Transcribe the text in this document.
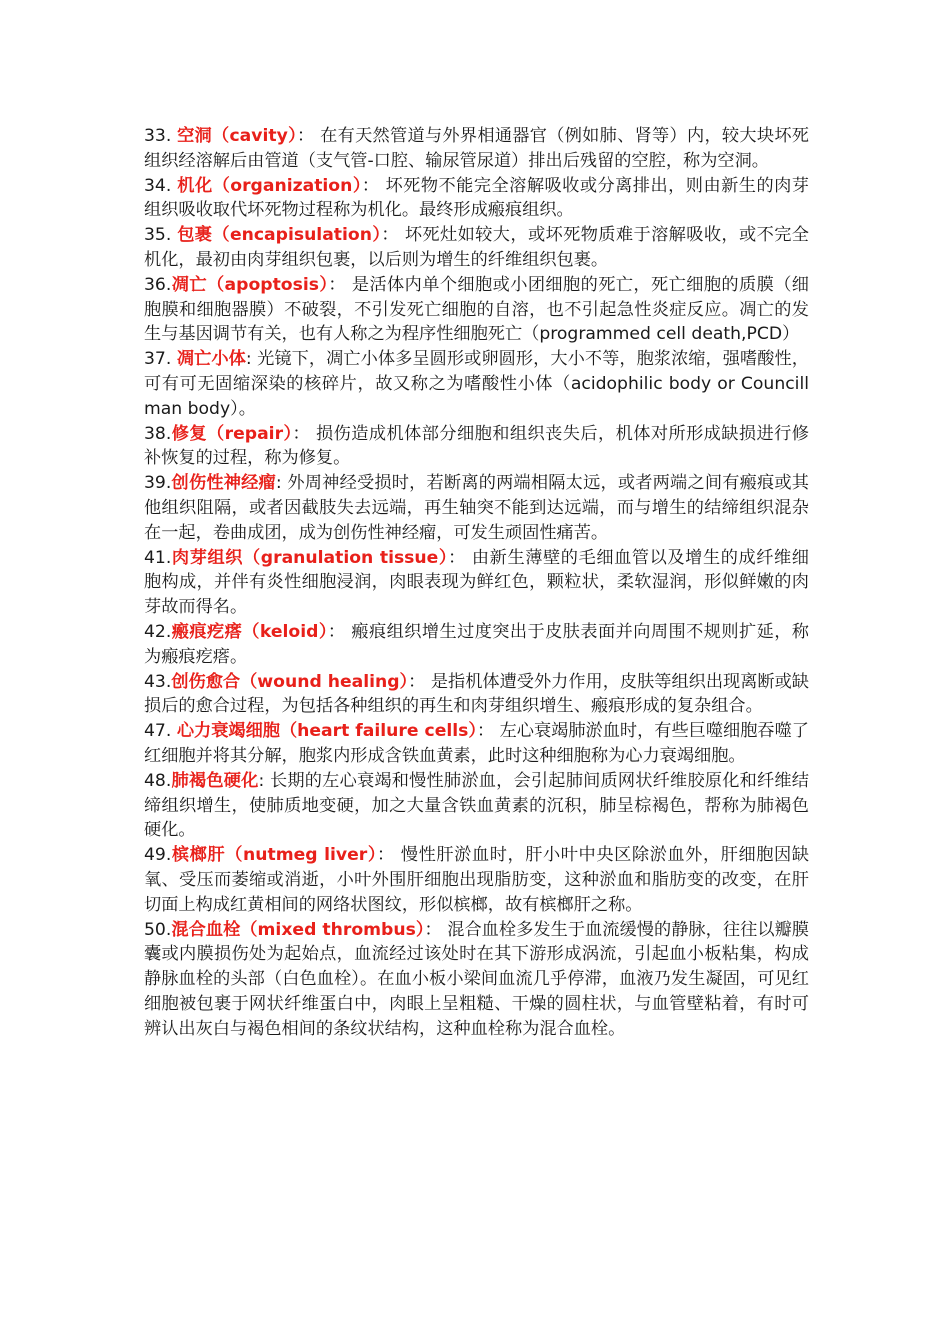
33. 空洞（cavity）： 在有天然管道与外界相通器官（例如肺、肾等）内，较大块坏死组织经溶解后由管道（支气管-口腔、输尿管尿道）排出后残留的空腔，称为空洞。

34. 机化（organization）： 坏死物不能完全溶解吸收或分离排出，则由新生的肉芽组织吸收取代坏死物过程称为机化。最终形成瘢痕组织。

35. 包裹（encapisulation）： 坏死灶如较大，或坏死物质难于溶解吸收，或不完全机化，最初由肉芽组织包裹，以后则为增生的纤维组织包裹。

36.凋亡（apoptosis）： 是活体内单个细胞或小团细胞的死亡，死亡细胞的质膜（细胞膜和细胞器膜）不破裂，不引发死亡细胞的自溶，也不引起急性炎症反应。凋亡的发生与基因调节有关，也有人称之为程序性细胞死亡（programmed cell death,PCD）

37. 凋亡小体: 光镜下，凋亡小体多呈圆形或卵圆形，大小不等，胞浆浓缩，强嗜酸性，可有可无固缩深染的核碎片，故又称之为嗜酸性小体（acidophilic body or Councillman body）。

38.修复（repair）： 损伤造成机体部分细胞和组织丧失后，机体对所形成缺损进行修补恢复的过程，称为修复。

39.创伤性神经瘤: 外周神经受损时，若断离的两端相隔太远，或者两端之间有瘢痕或其他组织阻隔，或者因截肢失去远端，再生轴突不能到达远端，而与增生的结缔组织混杂在一起，卷曲成团，成为创伤性神经瘤，可发生顽固性痛苦。

41.肉芽组织（granulation tissue）： 由新生薄壁的毛细血管以及增生的成纤维细胞构成，并伴有炎性细胞浸润，肉眼表现为鲜红色，颗粒状，柔软湿润，形似鲜嫩的肉芽故而得名。

42.瘢痕疙瘩（keloid）： 瘢痕组织增生过度突出于皮肤表面并向周围不规则扩延，称为瘢痕疙瘩。

43.创伤愈合（wound healing）： 是指机体遭受外力作用，皮肤等组织出现离断或缺损后的愈合过程，为包括各种组织的再生和肉芽组织增生、瘢痕形成的复杂组合。

47. 心力衰竭细胞（heart failure cells）： 左心衰竭肺淤血时，有些巨噬细胞吞噬了红细胞并将其分解，胞浆内形成含铁血黄素，此时这种细胞称为心力衰竭细胞。

48.肺褐色硬化: 长期的左心衰竭和慢性肺淤血，会引起肺间质网状纤维胶原化和纤维结缔组织增生，使肺质地变硬，加之大量含铁血黄素的沉积，肺呈棕褐色，帮称为肺褐色硬化。

49.槟榔肝（nutmeg liver）： 慢性肝淤血时，肝小叶中央区除淤血外，肝细胞因缺氧、受压而萎缩或消逝，小叶外围肝细胞出现脂肪变，这种淤血和脂肪变的改变，在肝切面上构成红黄相间的网络状图纹，形似槟榔，故有槟榔肝之称。

50.混合血栓（mixed thrombus）： 混合血栓多发生于血流缓慢的静脉，往往以瓣膜囊或内膜损伤处为起始点，血流经过该处时在其下游形成涡流，引起血小板粘集，构成静脉血栓的头部（白色血栓）。在血小板小梁间血流几乎停滞，血液乃发生凝固，可见红细胞被包裹于网状纤维蛋白中，肉眼上呈粗糙、干燥的圆柱状，与血管壁粘着，有时可辨认出灰白与褐色相间的条纹状结构，这种血栓称为混合血栓。
